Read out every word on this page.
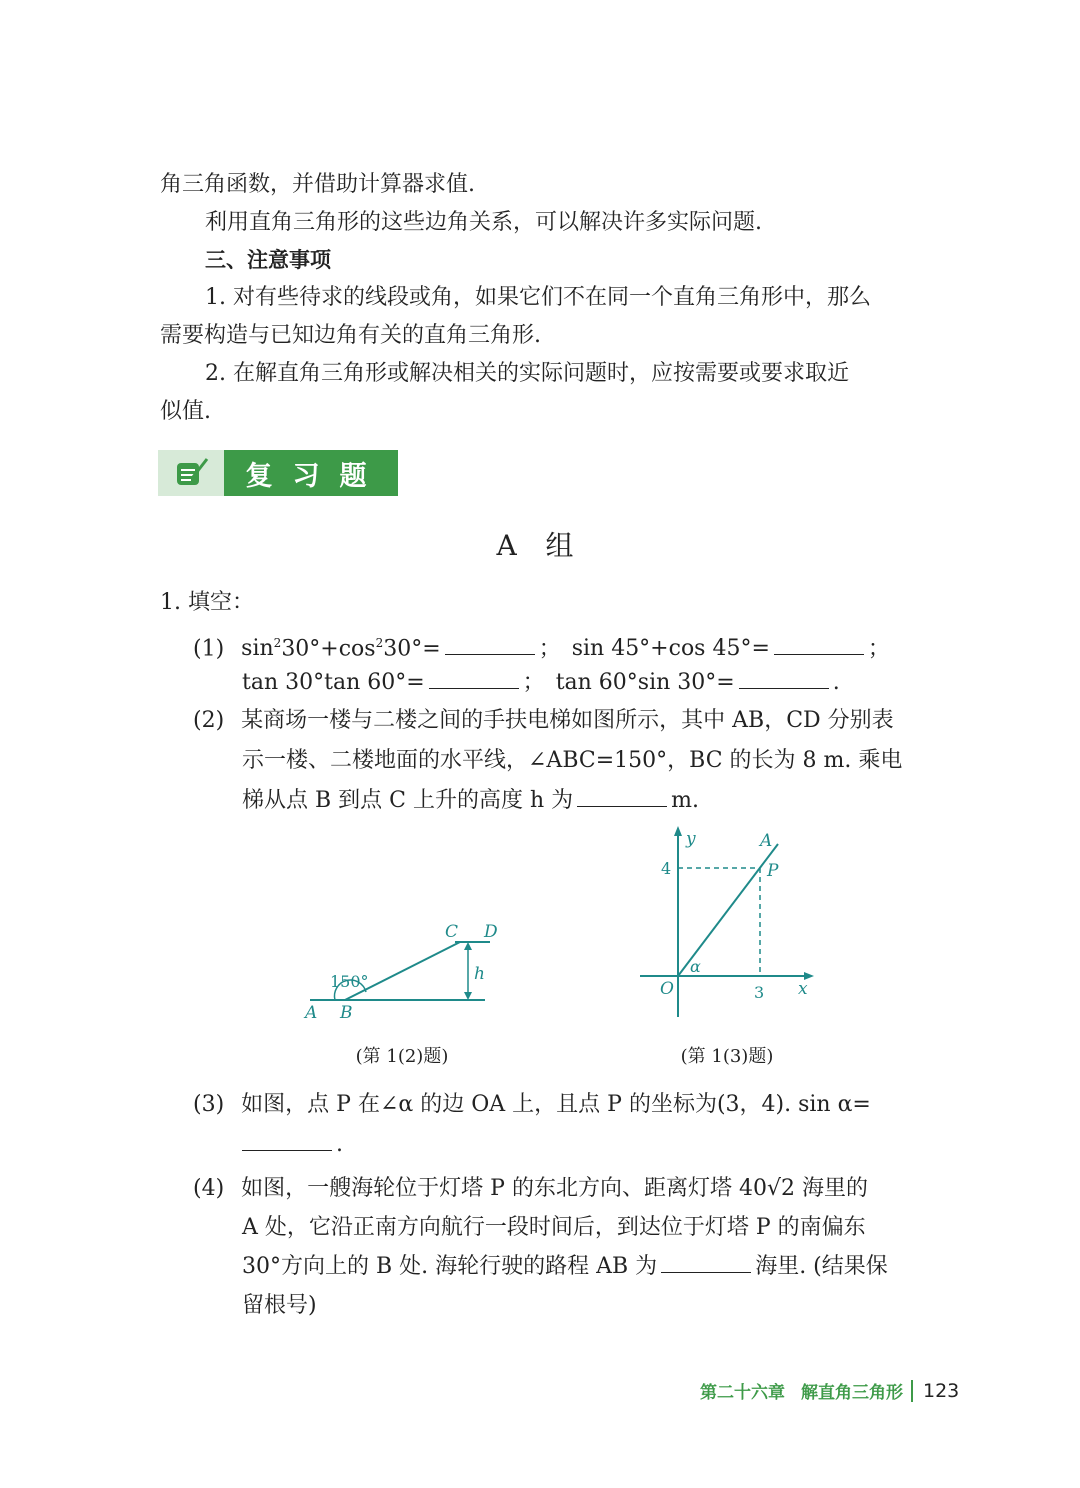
角三角函数，并借助计算器求值.
利用直角三角形的这些边角关系，可以解决许多实际问题.
三、注意事项
1. 对有些待求的线段或角，如果它们不在同一个直角三角形中，那么
需要构造与已知边角有关的直角三角形.
2. 在解直角三角形或解决相关的实际问题时，应按需要或要求取近
似值.
复习题
A 组
1. 填空：
(1) $\sin^230^\circ+\cos^230^\circ=$	； sin 45°+cos 45°=	；
tan 30°tan 60°=	； tan 60°sin 30°=	.
(2) 某商场一楼与二楼之间的手扶电梯如图所示，其中 AB，CD 分别表
示一楼、二楼地面的水平线，∠ABC=150°，BC 的长为 8 m. 乘电
梯从点 B 到点 C 上升的高度 h 为	m.
A B
C D
h
150°
y	A
P
4
α
O	3 x
(第 1(2)题)	(第 1(3)题)
(3) 如图，点 P 在∠α 的边 OA 上，且点 P 的坐标为(3，4). sin α=
.
(4) 如图，一艘海轮位于灯塔 P 的东北方向、距离灯塔 40√2 海里的
A 处，它沿正南方向航行一段时间后，到达位于灯塔 P 的南偏东
30°方向上的 B 处. 海轮行驶的路程 AB 为	海里. (结果保
留根号)
第二十六章 解直角三角形 123
